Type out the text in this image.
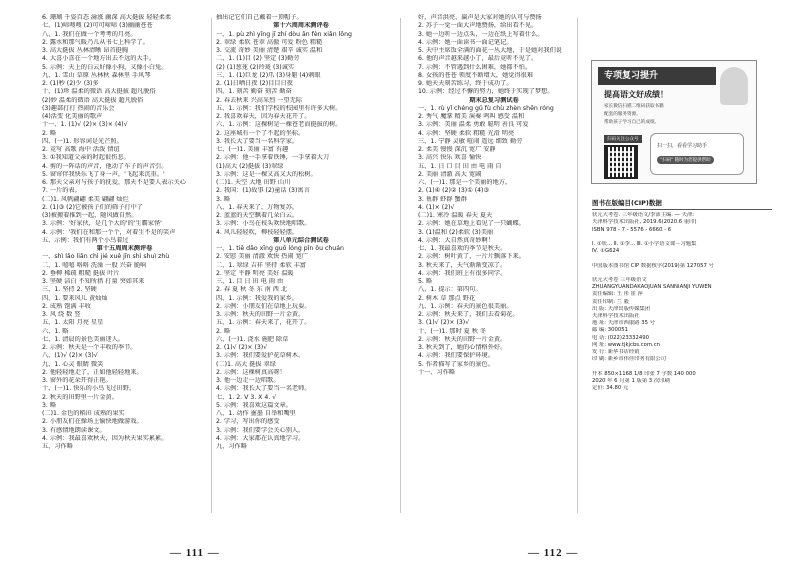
6. 珊瑚 千姿百态 渝涨 幽深 高大挺拔 轻轻柔柔
七、(1)啼嗖嗖 (2)可可啼啼 (3)幽幽苍苍
八、1. 我们在做一个考考的月亮。
2. 露水和那气暖乃儿从书七上科学了。
3. 高大挺拔 丛林清晰 昂首挺胸
4. 大喜小喜在一个地方出去不远的大手。
5. 示例：天上的白云好像小狗，又像小白兔。
九、1. 雪山 草原 丛林秋 森林里 手风琴
2. (1)秒 (2)少 (3)多
十、(1)珍 温柔的微语 高大挺拔 超凡脱俗
(2)妙 温柔的微语 高大挺拔 超凡脱俗
(3)趣部打打 热闹的音乐会
(4)活变 化美丽的歌声
十一、1. (1)√ (2)× (3)× (4)√
2. 略
四、(一)1. 形容词是光芒照。
2. 竞写 高歌 海中 活泼 情谊
3. ①我知道父亲的时起很伤悲。
4. 剪的一阵话的声音，他动了车子的声音引。
5. 窗帘伴我快乐飞了身一声，'飞起来沉重。'
6. 那天父亲对与孩子的抚爱，那天不是要人表示关心
7. 一片的表。
(二)1. 风帆翩翩 柔美 翩翩 灿烂
2. (1)③ (2)它被孩子们的筛子打中了
(3)被搬着推到一起，随风做自然。
3. 示例：'好家伙，是几个大的'的'生霸家怪'
4. 示例：'我们在和那一个个，对着生不是的笑声
五、示例：我们有两个小鸟着过
第十五周周末测评卷
一、shì lǎo liǎn chì jié xuě jīn shì shuì zhù
二、1. 嘻嘻 咯咯 洗澡 一股 兴奋 脆响
2. 垂柳 稀疏 粗糙 挺拔 叶片
3. 坚硬 洁白 不知所措 打量 突如其来
三、1. 坚持 2. 坚硬
四、1. 要来风儿 黄灿灿
2. 成熟 饱满 丰收
3. 风 绕 数 竖
五、1. 太阳 月亮 星星
六、1. 略
七、1. 清晨的景色美丽迷人。
2. 示例：秋天是一个丰收的季节。
八、(1)√ (2)× (3)√
九、1. 心灵 眼睛 微笑
2. 他轻轻地走了，正如他轻轻地来。
3. 窗外的花朵开得正艳。
十、(一)1. 快乐的小鸟飞过田野。
2. 秋天的田野里一片金黄。
3. 略
(二)1. 金色的稻田 成熟的果实
2. 小朋友们在操场上愉快地做游戏。
3. 有感情地朗读课文。
4. 示例：我最喜欢秋天，因为秋天果实累累。
五、习作略
抽出记它们自己戴着一顶帽子。
第十六周周末测评卷
一、1. pù zhì yīng jī zhí dòu ān fèn xiǎn lǒng
2. 翠绿 柔软 苍翠 高傲 可爱 粉色 粗糙
3. 交流 奇妙 美丽 清楚 艰辛 诚实 温和
二、1. (1)目 (2) 坚定 (3)勤劳
(2) (1)葱茏 (2)玲珑 (3)诚实
三、1. (1)巨龙 (2)爪 (3)身躯 (4)刺眼
2. (1)日晒日夜 (2)目目日夜
四、1. 刻苦 勤奋 刻苦 勤奋
2. 春去秋来 兴高采烈 一望无际
五、1. 示例：我们学校的校园里有许多大树。
2. 我喜欢春天，因为春天花开了。
六、1. 示例：这棵树是一棵苍老而挺拔的树。
2. 这座城有一个了不起的坐标。
3. 我长大了要当一名科学家。
七、(一)1. 美丽 丰富 有趣
2. 示例：他一手拿着铁锤，一手拿着大刀
(1)高大 (2)挺拔 (3)翠绿
3. 示例：这是一棵又高又大的松树。
(二)1. 天空 大地 田野 山川
2. 我国：(1)故事 (2)童话 (3)寓言
3. 略
八、1. 春天来了，万物复苏。
2. 蓝蓝的天空飘着几朵白云。
3. 示例：小鸟在枝头欢快地唱歌。
4. 风儿轻轻吹，柳枝轻轻摆。
第八单元综合测试卷
一、1. tiě dǎo xīng guǒ lóng pǐn ōu chuán
2. 安慰 美丽 清澈 欢快 热闹 宽广
二、1. 翠绿 吉祥 坚持 柔软 丰富
2. 坚定 平静 明亮 美好 温暖
三、1. 目 日 田 电 雨 由
2. 春 夏 秋 冬 东 南 西 北
四、1. 示例：我爱我的家乡。
2. 示例：小朋友们在草地上玩耍。
3. 示例：秋天的田野一片金黄。
五、1. 示例：春天来了，花开了。
2. 略
六、(一)1. 浇水 施肥 除草
2. (1)√ (2)× (3)√
3. 示例：我们要爱护花草树木。
(二)1. 高大 挺拔 翠绿
2. 示例：这棵树真高呀！
3. 他一边走一边唱歌。
4. 示例：我长大了要当一名老师。
七、1. 2. V 3. X 4. √
5. 示例：我喜欢这篇文章。
八、1. 动作 靈墨 自举和嘴里
2. 学习，写出你的感受
3. 示例：我们要学会关心别人。
4. 示例：大家都在认真地学习。
九、习作略
好，声音洪亮，赢声是大家对她的认可与赞扬
2. 苏子一觉一面大声地赞扬，给出看不见。
3. 她一边听一边点头，一边在纸上写着什么。
4. 示例：她一面读书一面记笔记。
5. 天中主席饭全满的面花一丛大地，于是她对我们说
6. 他的声音越来越小了，最后竟听不见了。
7. 示例：不管遇到什么困难，她都不怕。
8. 女孩的苍苍 领度不断增大，她觉得很难
9. 她天天刻苦练习，终于成功了。
10. 示例：经过不懈的努力，她终于实现了梦想。
期末总复习测试卷
一、1. rù yǐ chéng gǔ fù chù zhèn shēn róng
2. 秀气 魔掌 精美 演奏 鸣叫 感受 温和
3. 示例：美丽 温柔 勇敢 聪明 善良 可爱
4. 示例：坚硬 柔软 粗糙 光滑 明亮
三、1. 宁静 灵敏 喧闹 遥远 细致 勤劳
2. 柔美 慢慢 深沉 宽广 安静
3. 高兴 快乐 欢喜 愉快
五、1. 日 口 目 田 由 电 雨 自
2. 美丽 清澈 高大 宽阔
六、(一)1. 那是一个美丽的地方。
2. (1)④ (2)② (3)① (4)③
3. 鱼群 虾群 蟹群
4. (1)× (2)√
(二)1. 寒冷 温暖 春天 夏天
2. 示例：她在草地上看见了一只蝴蝶。
3. (1)温和 (2)柔软 (3)美丽
4. 示例：大自然真奇妙啊！
七、1. 我最喜欢的季节是秋天。
2. 示例：树叶黄了，一片片飘落下来。
3. 秋天来了，天气渐渐变凉了。
4. 示例：我们班上有很多同学。
5. 略
八、1. 提示：第四句。
2. 树木 草 那点 野花
九、1. 示例：春天的景色很美丽。
2. 示例：秋天来了，我们去看菊花。
3. (1)√ (2)× (3)√
十、(一)1. 那时 夏 秋 冬
2. 示例：秋天的田野一片金黄。
3. 秋天到了，她的心情格外好。
4. 示例：我们要保护环境。
5. 作者描写了家乡的景色。
十一、习作略
专项复习提升
提高语文好成绩！
家长微信扫描二维码获取书籍
配套的服务资源。
帮助孩子学习自己的成绩。
扫码关注公众号
扫一扫，看看学习助手
"扫码" 随时为您提供帮助
图书在版编目(CIP)数据
状元大考卷. 三年级语文/李沛主编. — 天津:
天津科学技术出版社, 2019.6(2020.6 重印)
ISBN 978 - 7 - 5576 - 6660 - 6
Ⅰ. ①状… Ⅱ. ①李… Ⅲ. ①小学语文课－习题集
Ⅳ. ①G624
中国版本图书馆 CIP 数据核字(2019)第 127057 号
状元大考卷 三年级语文
ZHUANGYUANDAKAOJUAN SANNIANJI YUWEN
责任编辑: 王 彤 崔 萍
责任印制: 兰 毅
出 版: 天津出版传媒集团
天津科学技术出版社
地 址: 天津市西康路 35 号
邮 编: 300051
电 话: (022)23332490
网 址: www.tjkjcbs.com.cn
发 行: 新华书店经销
印 刷: 新乡市伟佳印务有限公司
开本 850×1168 1/8 印张 7 字数 140 000
2020 年 6 月第 1 版第 3 次印刷
定价: 34.80 元
— 111 —	— 112 —
